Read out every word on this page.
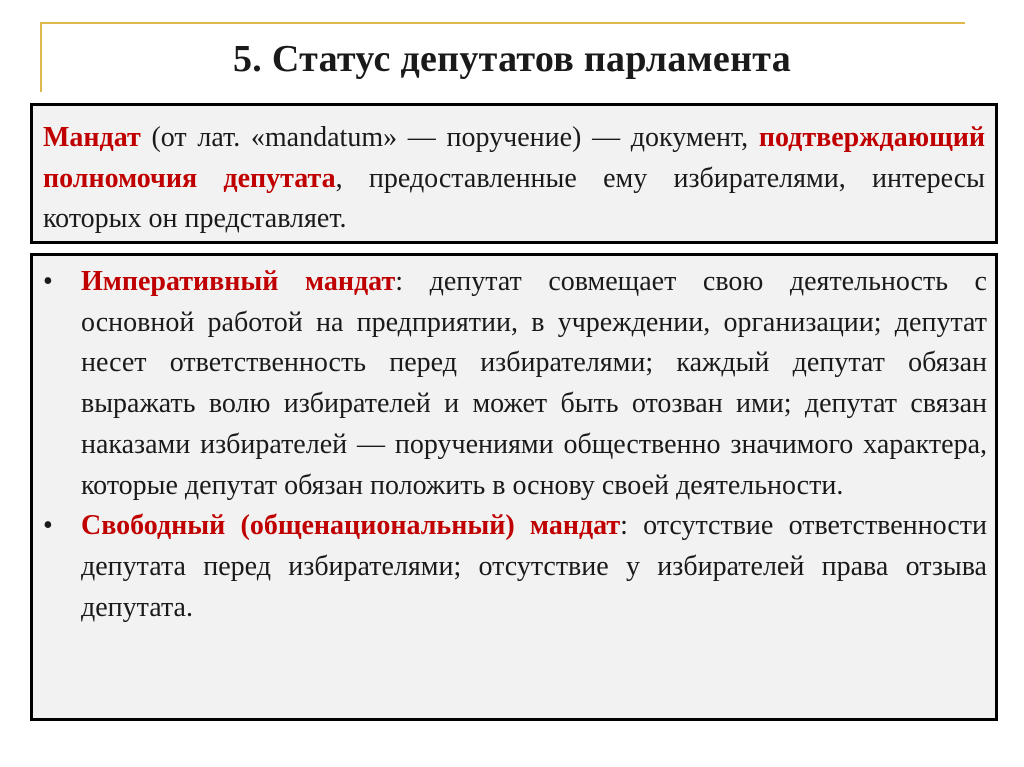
5. Статус депутатов парламента

Мандат (от лат. «mandatum» — поручение) — документ, подтверждающий полномочия депутата, предоставленные ему избирателями, интересы которых он представляет.

• Императивный мандат: депутат совмещает свою деятельность с основной работой на предприятии, в учреждении, организации; депутат несет ответственность перед избирателями; каждый депутат обязан выражать волю избирателей и может быть отозван ими; депутат связан наказами избирателей — поручениями общественно значимого характера, которые депутат обязан положить в основу своей деятельности.

• Свободный (общенациональный) мандат: отсутствие ответственности депутата перед избирателями; отсутствие у избирателей права отзыва депутата.
